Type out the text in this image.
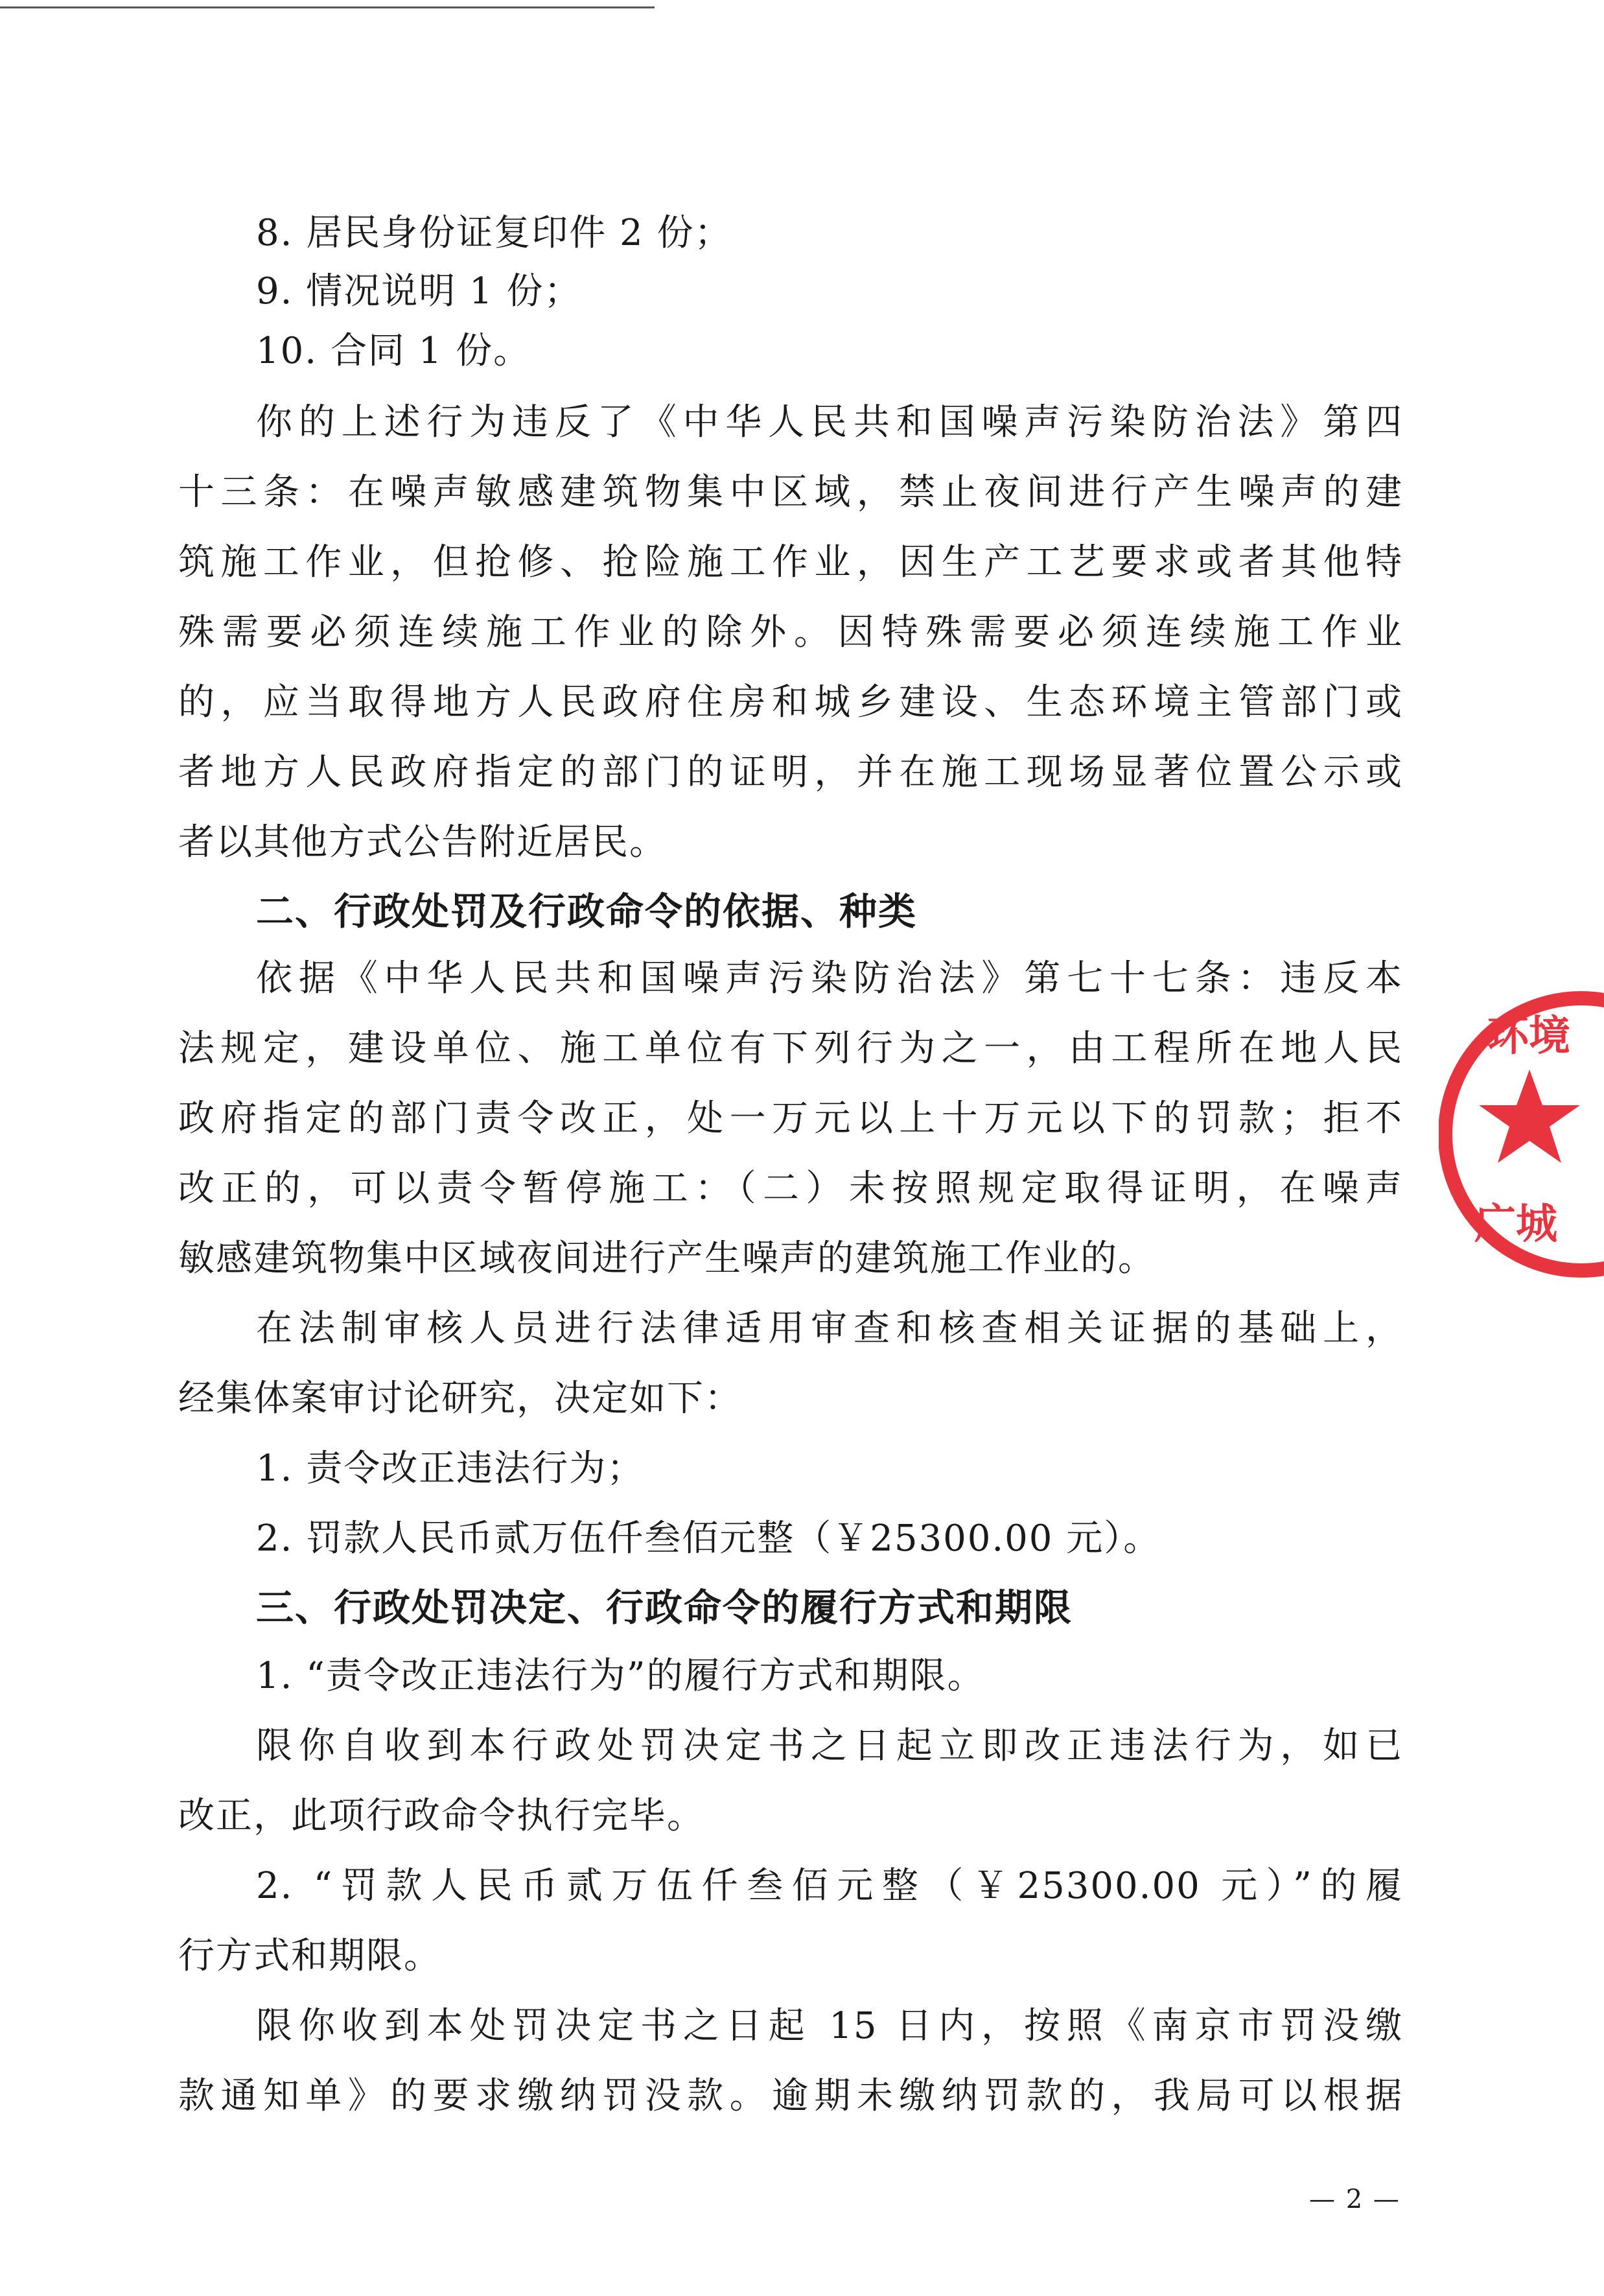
8. 居民身份证复印件 2 份；
9. 情况说明 1 份；
10. 合同 1 份。
你的上述行为违反了《中华人民共和国噪声污染防治法》第四
十三条：在噪声敏感建筑物集中区域，禁止夜间进行产生噪声的建
筑施工作业，但抢修、抢险施工作业，因生产工艺要求或者其他特
殊需要必须连续施工作业的除外。因特殊需要必须连续施工作业
的，应当取得地方人民政府住房和城乡建设、生态环境主管部门或
者地方人民政府指定的部门的证明，并在施工现场显著位置公示或
者以其他方式公告附近居民。
二、行政处罚及行政命令的依据、种类
依据《中华人民共和国噪声污染防治法》第七十七条：违反本
法规定，建设单位、施工单位有下列行为之一，由工程所在地人民
政府指定的部门责令改正，处一万元以上十万元以下的罚款；拒不
改正的，可以责令暂停施工：（二）未按照规定取得证明，在噪声
敏感建筑物集中区域夜间进行产生噪声的建筑施工作业的。
在法制审核人员进行法律适用审查和核查相关证据的基础上，
经集体案审讨论研究，决定如下：
1. 责令改正违法行为；
2. 罚款人民币贰万伍仟叁佰元整（￥25300.00 元）。
三、行政处罚决定、行政命令的履行方式和期限
1. “责令改正违法行为”的履行方式和期限。
限你自收到本行政处罚决定书之日起立即改正违法行为，如已
改正，此项行政命令执行完毕。
2. “罚款人民币贰万伍仟叁佰元整（￥25300.00 元）”的履
行方式和期限。
限你收到本处罚决定书之日起 15 日内，按照《南京市罚没缴
款通知单》的要求缴纳罚没款。逾期未缴纳罚款的，我局可以根据
环境
广城
— 2 —
